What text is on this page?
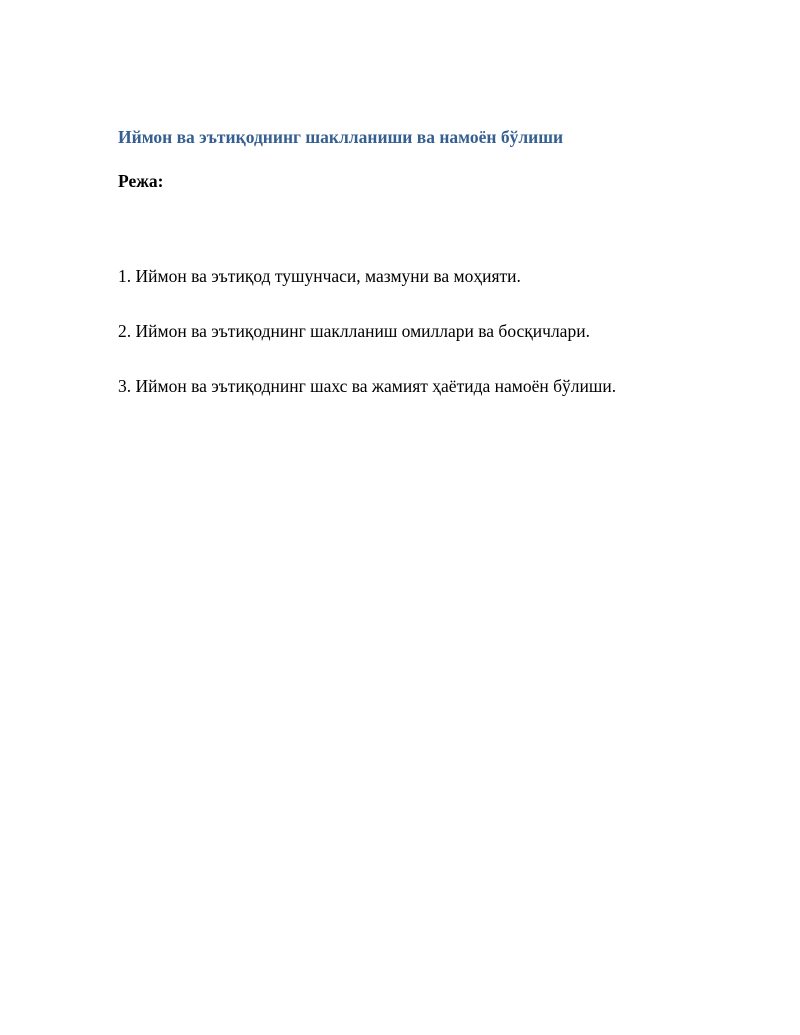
Иймон ва эътиқоднинг шаклланиши ва намоён бўлиши

Режа:

1. Иймон ва эътиқод тушунчаси, мазмуни ва моҳияти.

2. Иймон ва эътиқоднинг шаклланиш омиллари ва босқичлари.

3. Иймон ва эътиқоднинг шахс ва жамият ҳаётида намоён бўлиши.
